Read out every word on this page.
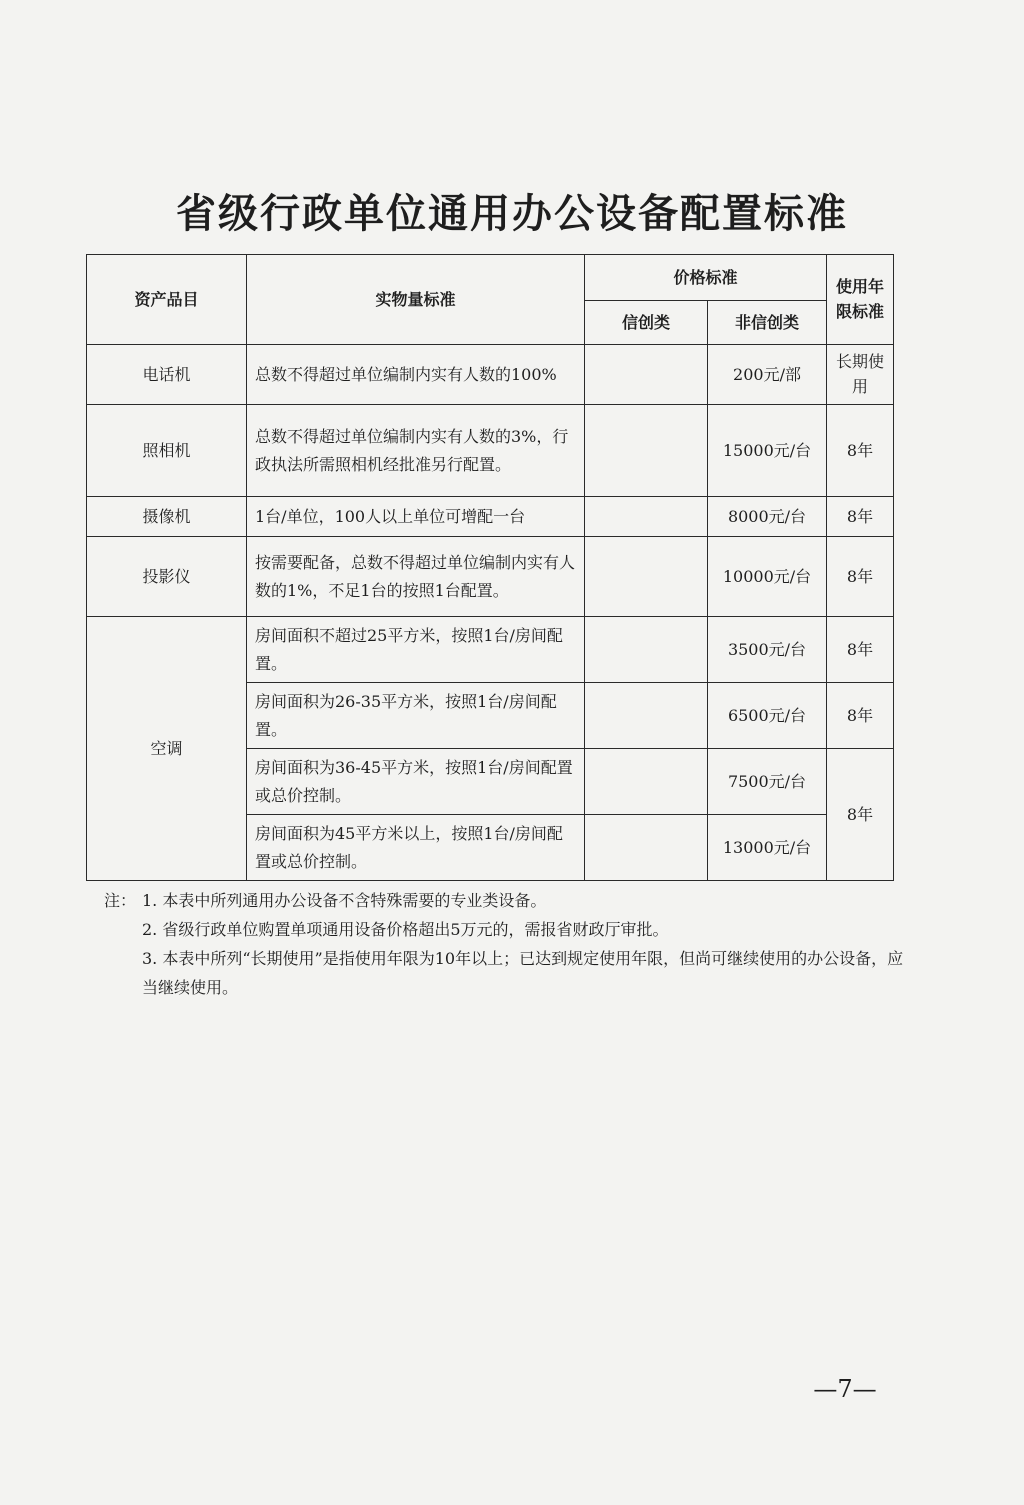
省级行政单位通用办公设备配置标准
资产品目	实物量标准	价格标准		使用年限标准
		信创类	非信创类	
电话机	总数不得超过单位编制内实有人数的100%		200元/部	长期使用
照相机	总数不得超过单位编制内实有人数的3%，行政执法所需照相机经批准另行配置。		15000元/台	8年
摄像机	1台/单位，100人以上单位可增配一台		8000元/台	8年
投影仪	按需要配备，总数不得超过单位编制内实有人数的1%，不足1台的按照1台配置。		10000元/台	8年
空调	房间面积不超过25平方米，按照1台/房间配置。		3500元/台	8年
	房间面积为26-35平方米，按照1台/房间配置。		6500元/台	8年
	房间面积为36-45平方米，按照1台/房间配置或总价控制。		7500元/台	8年
	房间面积为45平方米以上，按照1台/房间配置或总价控制。		13000元/台	
注： 1. 本表中所列通用办公设备不含特殊需要的专业类设备。
2. 省级行政单位购置单项通用设备价格超出5万元的，需报省财政厅审批。
3. 本表中所列“长期使用”是指使用年限为10年以上；已达到规定使用年限，但尚可继续使用的办公设备，应当继续使用。
—7—
